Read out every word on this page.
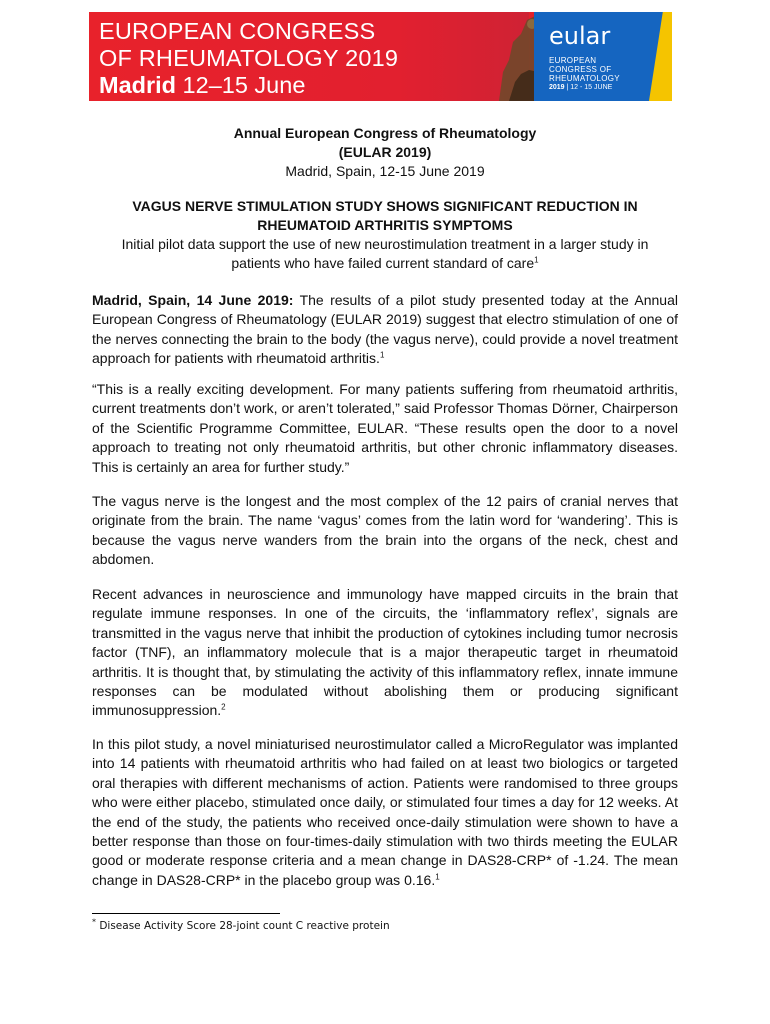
EUROPEAN CONGRESS
OF RHEUMATOLOGY 2019
Madrid 12–15 June
eular
EUROPEAN
CONGRESS OF
RHEUMATOLOGY
2019 | 12 - 15 JUNE
Annual European Congress of Rheumatology
(EULAR 2019)
Madrid, Spain, 12-15 June 2019
VAGUS NERVE STIMULATION STUDY SHOWS SIGNIFICANT REDUCTION IN
RHEUMATOID ARTHRITIS SYMPTOMS
Initial pilot data support the use of new neurostimulation treatment in a larger study in
patients who have failed current standard of care$^1$
Madrid, Spain, 14 June 2019: The results of a pilot study presented today at the Annual European Congress of Rheumatology (EULAR 2019) suggest that electro stimulation of one of the nerves connecting the brain to the body (the vagus nerve), could provide a novel treatment approach for patients with rheumatoid arthritis.$^1$
“This is a really exciting development. For many patients suffering from rheumatoid arthritis, current treatments don’t work, or aren’t tolerated,” said Professor Thomas Dörner, Chairperson of the Scientific Programme Committee, EULAR. “These results open the door to a novel approach to treating not only rheumatoid arthritis, but other chronic inflammatory diseases. This is certainly an area for further study.”
The vagus nerve is the longest and the most complex of the 12 pairs of cranial nerves that originate from the brain. The name ‘vagus’ comes from the latin word for ‘wandering’. This is because the vagus nerve wanders from the brain into the organs of the neck, chest and abdomen.
Recent advances in neuroscience and immunology have mapped circuits in the brain that regulate immune responses. In one of the circuits, the ‘inflammatory reflex’, signals are transmitted in the vagus nerve that inhibit the production of cytokines including tumor necrosis factor (TNF), an inflammatory molecule that is a major therapeutic target in rheumatoid arthritis. It is thought that, by stimulating the activity of this inflammatory reflex, innate immune responses can be modulated without abolishing them or producing significant immunosuppression.$^2$
In this pilot study, a novel miniaturised neurostimulator called a MicroRegulator was implanted into 14 patients with rheumatoid arthritis who had failed on at least two biologics or targeted oral therapies with different mechanisms of action. Patients were randomised to three groups who were either placebo, stimulated once daily, or stimulated four times a day for 12 weeks. At the end of the study, the patients who received once-daily stimulation were shown to have a better response than those on four-times-daily stimulation with two thirds meeting the EULAR good or moderate response criteria and a mean change in DAS28-CRP* of -1.24. The mean change in DAS28-CRP* in the placebo group was 0.16.$^1$
* Disease Activity Score 28-joint count C reactive protein
